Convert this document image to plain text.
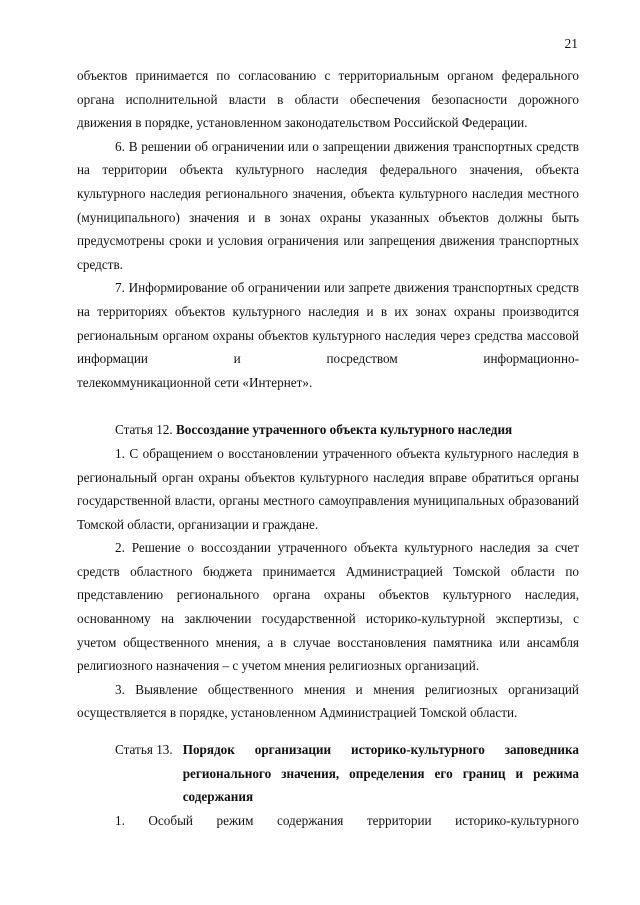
21

объектов принимается по согласованию с территориальным органом федерального органа исполнительной власти в области обеспечения безопасности дорожного движения в порядке, установленном законодательством Российской Федерации.

6. В решении об ограничении или о запрещении движения транспортных средств на территории объекта культурного наследия федерального значения, объекта культурного наследия регионального значения, объекта культурного наследия местного (муниципального) значения и в зонах охраны указанных объектов должны быть предусмотрены сроки и условия ограничения или запрещения движения транспортных средств.

7. Информирование об ограничении или запрете движения транспортных средств на территориях объектов культурного наследия и в их зонах охраны производится региональным органом охраны объектов культурного наследия через средства массовой информации и посредством информационно-

телекоммуникационной сети «Интернет».

Статья 12. Воссоздание утраченного объекта культурного наследия

1. С обращением о восстановлении утраченного объекта культурного наследия в региональный орган охраны объектов культурного наследия вправе обратиться органы государственной власти, органы местного самоуправления муниципальных образований Томской области, организации и граждане.

2. Решение о воссоздании утраченного объекта культурного наследия за счет средств областного бюджета принимается Администрацией Томской области по представлению регионального органа охраны объектов культурного наследия, основанному на заключении государственной историко-культурной экспертизы, с учетом общественного мнения, а в случае восстановления памятника или ансамбля религиозного назначения – с учетом мнения религиозных организаций.

3. Выявление общественного мнения и мнения религиозных организаций осуществляется в порядке, установленном Администрацией Томской области.

Статья 13. Порядок организации историко-культурного заповедника регионального значения, определения его границ и режима содержания

1. Особый режим содержания территории историко-культурного
